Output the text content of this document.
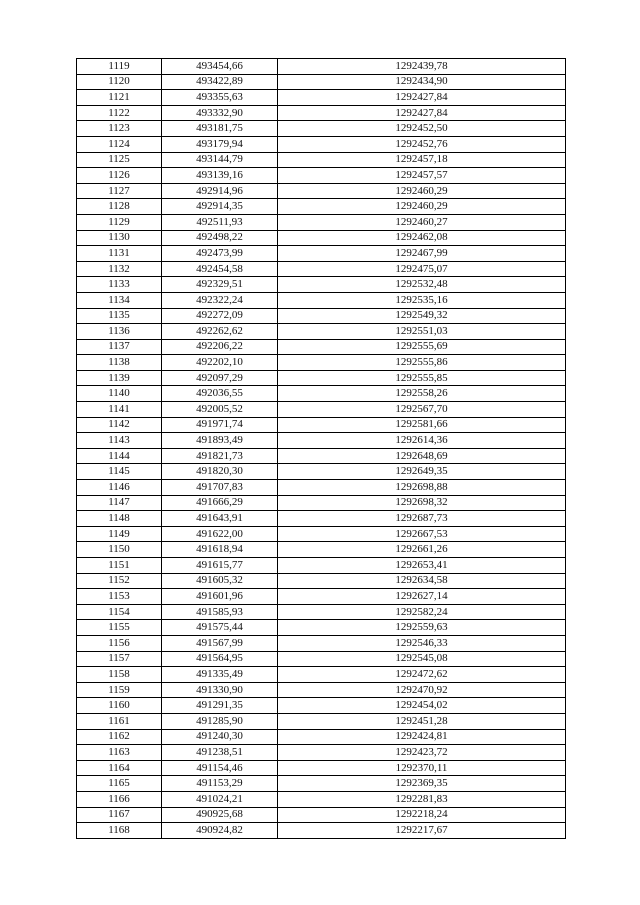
1119	493454,66	1292439,78
1120	493422,89	1292434,90
1121	493355,63	1292427,84
1122	493332,90	1292427,84
1123	493181,75	1292452,50
1124	493179,94	1292452,76
1125	493144,79	1292457,18
1126	493139,16	1292457,57
1127	492914,96	1292460,29
1128	492914,35	1292460,29
1129	492511,93	1292460,27
1130	492498,22	1292462,08
1131	492473,99	1292467,99
1132	492454,58	1292475,07
1133	492329,51	1292532,48
1134	492322,24	1292535,16
1135	492272,09	1292549,32
1136	492262,62	1292551,03
1137	492206,22	1292555,69
1138	492202,10	1292555,86
1139	492097,29	1292555,85
1140	492036,55	1292558,26
1141	492005,52	1292567,70
1142	491971,74	1292581,66
1143	491893,49	1292614,36
1144	491821,73	1292648,69
1145	491820,30	1292649,35
1146	491707,83	1292698,88
1147	491666,29	1292698,32
1148	491643,91	1292687,73
1149	491622,00	1292667,53
1150	491618,94	1292661,26
1151	491615,77	1292653,41
1152	491605,32	1292634,58
1153	491601,96	1292627,14
1154	491585,93	1292582,24
1155	491575,44	1292559,63
1156	491567,99	1292546,33
1157	491564,95	1292545,08
1158	491335,49	1292472,62
1159	491330,90	1292470,92
1160	491291,35	1292454,02
1161	491285,90	1292451,28
1162	491240,30	1292424,81
1163	491238,51	1292423,72
1164	491154,46	1292370,11
1165	491153,29	1292369,35
1166	491024,21	1292281,83
1167	490925,68	1292218,24
1168	490924,82	1292217,67
